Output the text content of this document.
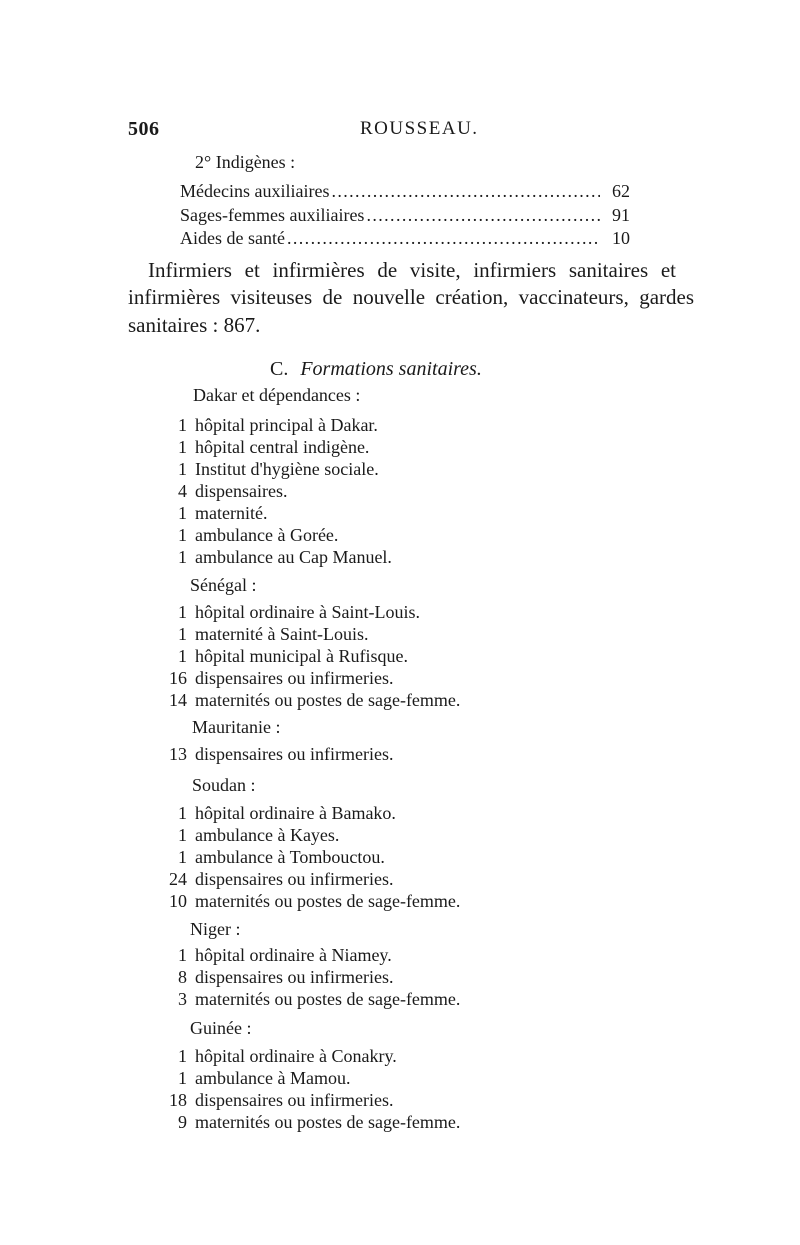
506	ROUSSEAU.
2° Indigènes :
Médecins auxiliaires .....	62
Sages-femmes auxiliaires .....	91
Aides de santé .....	10
Infirmiers et infirmières de visite, infirmiers sanitaires et
infirmières visiteuses de nouvelle création, vaccinateurs, gardes
sanitaires : 867.
C. Formations sanitaires.
Dakar et dépendances :
1 hôpital principal à Dakar.
1 hôpital central indigène.
1 Institut d'hygiène sociale.
4 dispensaires.
1 maternité.
1 ambulance à Gorée.
1 ambulance au Cap Manuel.
Sénégal :
1 hôpital ordinaire à Saint-Louis.
1 maternité à Saint-Louis.
1 hôpital municipal à Rufisque.
16 dispensaires ou infirmeries.
14 maternités ou postes de sage-femme.
Mauritanie :
13 dispensaires ou infirmeries.
Soudan :
1 hôpital ordinaire à Bamako.
1 ambulance à Kayes.
1 ambulance à Tombouctou.
24 dispensaires ou infirmeries.
10 maternités ou postes de sage-femme.
Niger :
1 hôpital ordinaire à Niamey.
8 dispensaires ou infirmeries.
3 maternités ou postes de sage-femme.
Guinée :
1 hôpital ordinaire à Conakry.
1 ambulance à Mamou.
18 dispensaires ou infirmeries.
9 maternités ou postes de sage-femme.
